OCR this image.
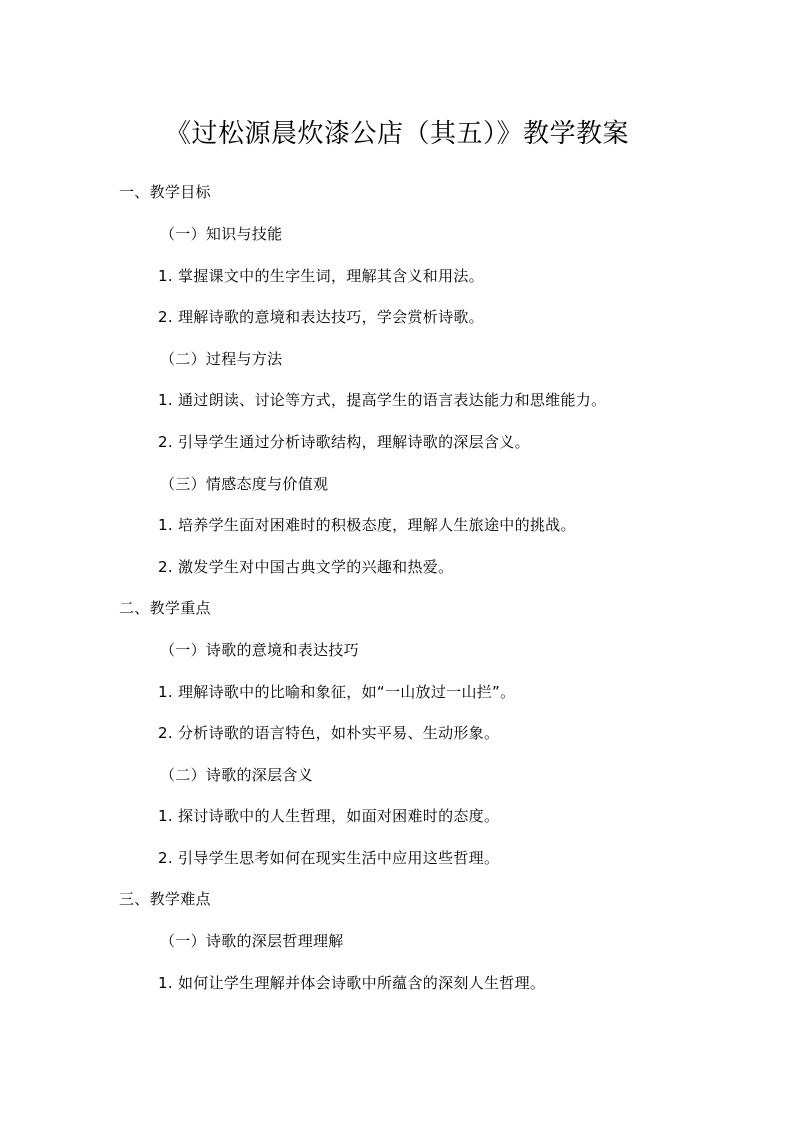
《过松源晨炊漆公店（其五）》教学教案
一、教学目标
（一）知识与技能
1. 掌握课文中的生字生词，理解其含义和用法。
2. 理解诗歌的意境和表达技巧，学会赏析诗歌。
（二）过程与方法
1. 通过朗读、讨论等方式，提高学生的语言表达能力和思维能力。
2. 引导学生通过分析诗歌结构，理解诗歌的深层含义。
（三）情感态度与价值观
1. 培养学生面对困难时的积极态度，理解人生旅途中的挑战。
2. 激发学生对中国古典文学的兴趣和热爱。
二、教学重点
（一）诗歌的意境和表达技巧
1. 理解诗歌中的比喻和象征，如“一山放过一山拦”。
2. 分析诗歌的语言特色，如朴实平易、生动形象。
（二）诗歌的深层含义
1. 探讨诗歌中的人生哲理，如面对困难时的态度。
2. 引导学生思考如何在现实生活中应用这些哲理。
三、教学难点
（一）诗歌的深层哲理理解
1. 如何让学生理解并体会诗歌中所蕴含的深刻人生哲理。
